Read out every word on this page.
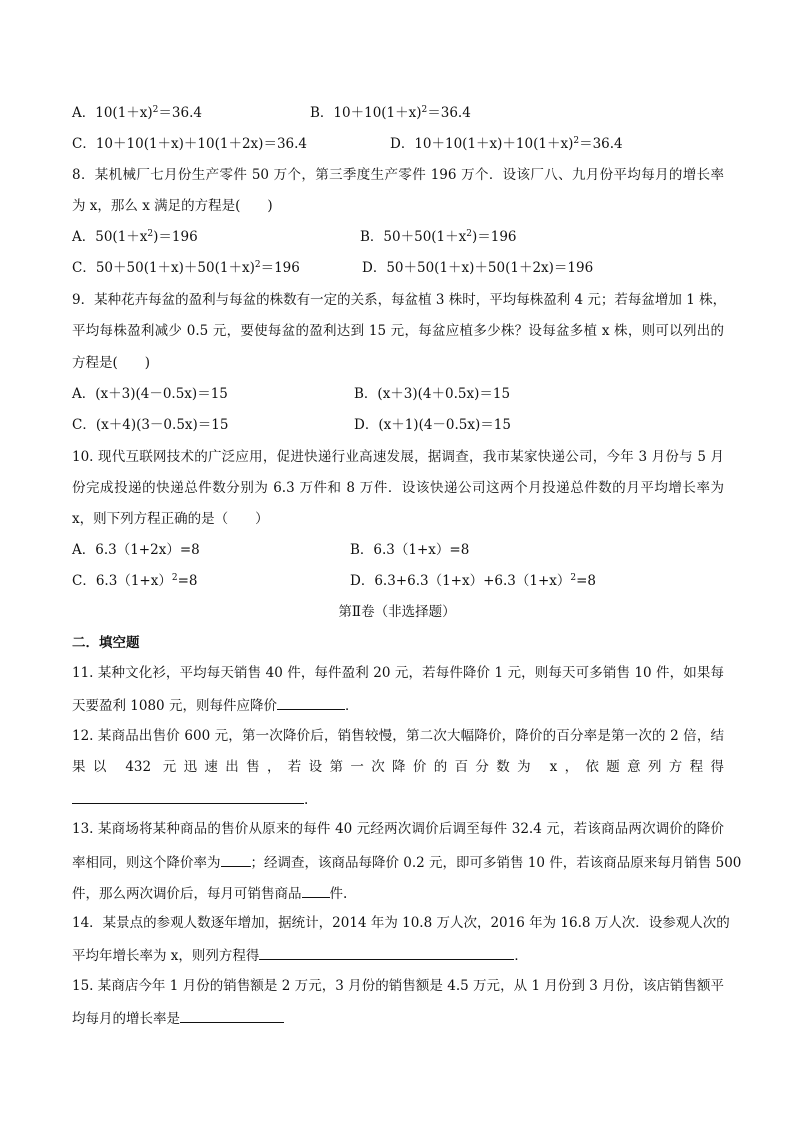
A．$10(1+x)^2=36.4$	B．$10+10(1+x)^2=36.4$
C．10＋10(1＋x)＋10(1＋2x)＝36.4	D．$10+10(1+x)+10(1+x)^2=36.4$
8．某机械厂七月份生产零件 50 万个，第三季度生产零件 196 万个．设该厂八、九月份平均每月的增长率
为 x，那么 x 满足的方程是(　　)
A．$50(1+x^2)=196$	B．$50+50(1+x^2)=196$
C．$50+50(1+x)+50(1+x)^2=196$	D．50＋50(1＋x)＋50(1＋2x)＝196
9．某种花卉每盆的盈利与每盆的株数有一定的关系，每盆植 3 株时，平均每株盈利 4 元；若每盆增加 1 株，
平均每株盈利减少 0.5 元，要使每盆的盈利达到 15 元，每盆应植多少株？设每盆多植 x 株，则可以列出的
方程是(　　)
A．(x＋3)(4－0.5x)＝15	B．(x＋3)(4＋0.5x)＝15
C．(x＋4)(3－0.5x)＝15	D．(x＋1)(4－0.5x)＝15
10. 现代互联网技术的广泛应用，促进快递行业高速发展，据调查，我市某家快递公司，今年 3 月份与 5 月
份完成投递的快递总件数分别为 6.3 万件和 8 万件．设该快递公司这两个月投递总件数的月平均增长率为
x，则下列方程正确的是（　　）
A．6.3（1+2x）=8	B．6.3（1+x）=8
C．$6.3(1+x)^2=8$	D．$6.3+6.3(1+x)+6.3(1+x)^2=8$
第Ⅱ卷（非选择题）
二．填空题
11. 某种文化衫，平均每天销售 40 件，每件盈利 20 元，若每件降价 1 元，则每天可多销售 10 件，如果每
天要盈利 1080 元，则每件应降价	．
12. 某商品出售价 600 元，第一次降价后，销售较慢，第二次大幅降价，降价的百分率是第一次的 2 倍，结
果以 432 元迅速出售，若设第一次降价的百分数为 x，依题意列方程得
.
13. 某商场将某种商品的售价从原来的每件 40 元经两次调价后调至每件 32.4 元，若该商品两次调价的降价
率相同，则这个降价率为 ；经调查，该商品每降价 0.2 元，即可多销售 10 件，若该商品原来每月销售 500
件，那么两次调价后，每月可销售商品 件.
14．某景点的参观人数逐年增加，据统计，2014 年为 10.8 万人次，2016 年为 16.8 万人次．设参观人次的
平均年增长率为 x，则列方程得	．
15. 某商店今年 1 月份的销售额是 2 万元，3 月份的销售额是 4.5 万元，从 1 月份到 3 月份，该店销售额平
均每月的增长率是
